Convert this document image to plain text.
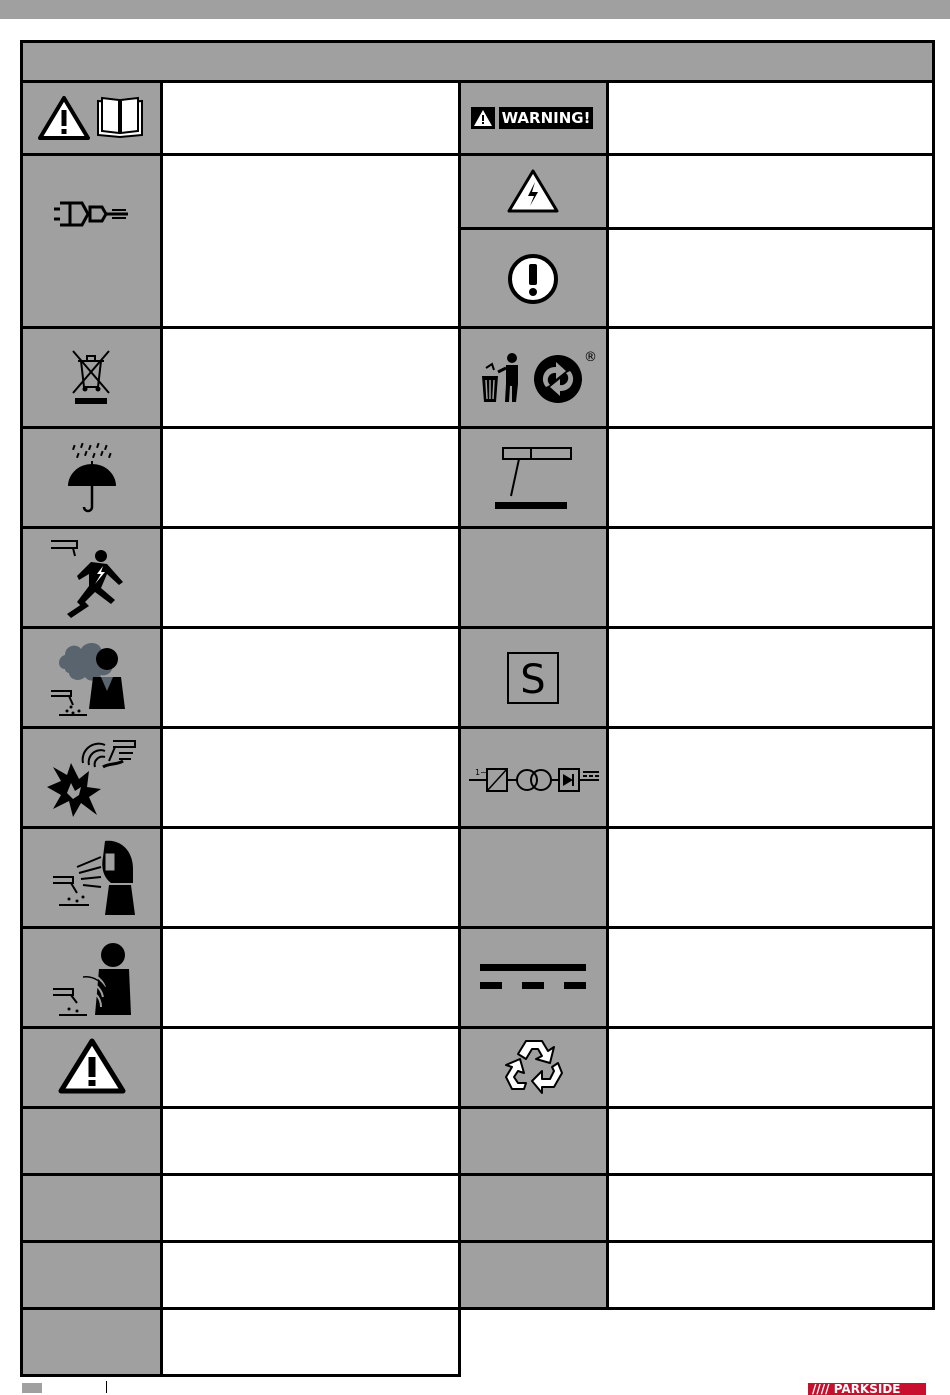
WARNING!
®
S
1~
//// PARKSIDE
